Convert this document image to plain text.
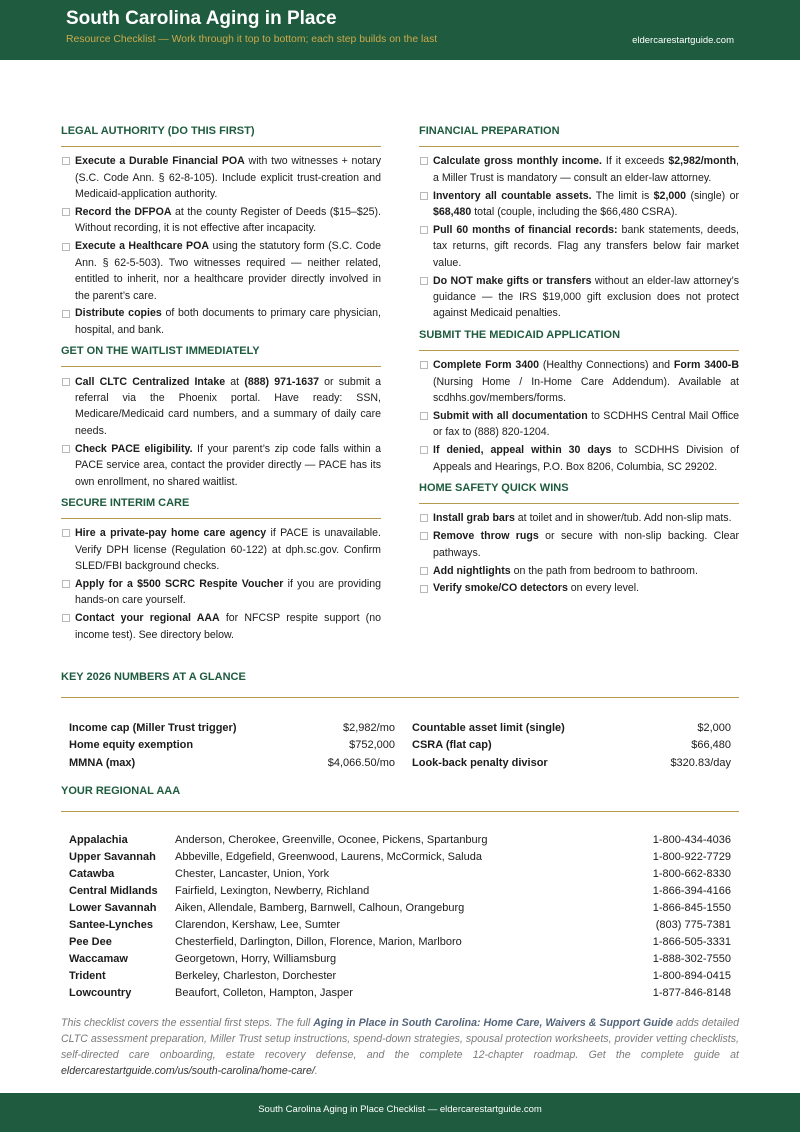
South Carolina Aging in Place
Resource Checklist — Work through it top to bottom; each step builds on the last	eldercarestartguide.com
LEGAL AUTHORITY (DO THIS FIRST)
Execute a Durable Financial POA with two witnesses + notary (S.C. Code Ann. § 62-8-105). Include explicit trust-creation and Medicaid-application authority.
Record the DFPOA at the county Register of Deeds ($15–$25). Without recording, it is not effective after incapacity.
Execute a Healthcare POA using the statutory form (S.C. Code Ann. § 62-5-503). Two witnesses required — neither related, entitled to inherit, nor a healthcare provider directly involved in the parent’s care.
Distribute copies of both documents to primary care physician, hospital, and bank.
GET ON THE WAITLIST IMMEDIATELY
Call CLTC Centralized Intake at (888) 971-1637 or submit a referral via the Phoenix portal. Have ready: SSN, Medicare/Medicaid card numbers, and a summary of daily care needs.
Check PACE eligibility. If your parent’s zip code falls within a PACE service area, contact the provider directly — PACE has its own enrollment, no shared waitlist.
SECURE INTERIM CARE
Hire a private-pay home care agency if PACE is unavailable. Verify DPH license (Regulation 60-122) at dph.sc.gov. Confirm SLED/FBI background checks.
Apply for a $500 SCRC Respite Voucher if you are providing hands-on care yourself.
Contact your regional AAA for NFCSP respite support (no income test). See directory below.
FINANCIAL PREPARATION
Calculate gross monthly income. If it exceeds $2,982/month, a Miller Trust is mandatory — consult an elder-law attorney.
Inventory all countable assets. The limit is $2,000 (single) or $68,480 total (couple, including the $66,480 CSRA).
Pull 60 months of financial records: bank statements, deeds, tax returns, gift records. Flag any transfers below fair market value.
Do NOT make gifts or transfers without an elder-law attorney’s guidance — the IRS $19,000 gift exclusion does not protect against Medicaid penalties.
SUBMIT THE MEDICAID APPLICATION
Complete Form 3400 (Healthy Connections) and Form 3400-B (Nursing Home / In-Home Care Addendum). Available at scdhhs.gov/members/forms.
Submit with all documentation to SCDHHS Central Mail Office or fax to (888) 820-1204.
If denied, appeal within 30 days to SCDHHS Division of Appeals and Hearings, P.O. Box 8206, Columbia, SC 29202.
HOME SAFETY QUICK WINS
Install grab bars at toilet and in shower/tub. Add non-slip mats.
Remove throw rugs or secure with non-slip backing. Clear pathways.
Add nightlights on the path from bedroom to bathroom.
Verify smoke/CO detectors on every level.
KEY 2026 NUMBERS AT A GLANCE
Income cap (Miller Trust trigger)	$2,982/mo Countable asset limit (single)	$2,000
Home equity exemption	$752,000 CSRA (flat cap)	$66,480
MMNA (max)	$4,066.50/mo Look-back penalty divisor	$320.83/day
YOUR REGIONAL AAA
Appalachia	Anderson, Cherokee, Greenville, Oconee, Pickens, Spartanburg	1-800-434-4036
Upper Savannah	Abbeville, Edgefield, Greenwood, Laurens, McCormick, Saluda	1-800-922-7729
Catawba	Chester, Lancaster, Union, York	1-800-662-8330
Central Midlands	Fairfield, Lexington, Newberry, Richland	1-866-394-4166
Lower Savannah	Aiken, Allendale, Bamberg, Barnwell, Calhoun, Orangeburg	1-866-845-1550
Santee-Lynches	Clarendon, Kershaw, Lee, Sumter	(803) 775-7381
Pee Dee	Chesterfield, Darlington, Dillon, Florence, Marion, Marlboro	1-866-505-3331
Waccamaw	Georgetown, Horry, Williamsburg	1-888-302-7550
Trident	Berkeley, Charleston, Dorchester	1-800-894-0415
Lowcountry	Beaufort, Colleton, Hampton, Jasper	1-877-846-8148

This checklist covers the essential first steps. The full Aging in Place in South Carolina: Home Care, Waivers & Support Guide adds detailed CLTC assessment preparation, Miller Trust setup instructions, spend-down strategies, spousal protection worksheets, provider vetting checklists, self-directed care onboarding, estate recovery defense, and the complete 12-chapter roadmap. Get the complete guide at eldercarestartguide.com/us/south-carolina/home-care/.

South Carolina Aging in Place Checklist — eldercarestartguide.com
